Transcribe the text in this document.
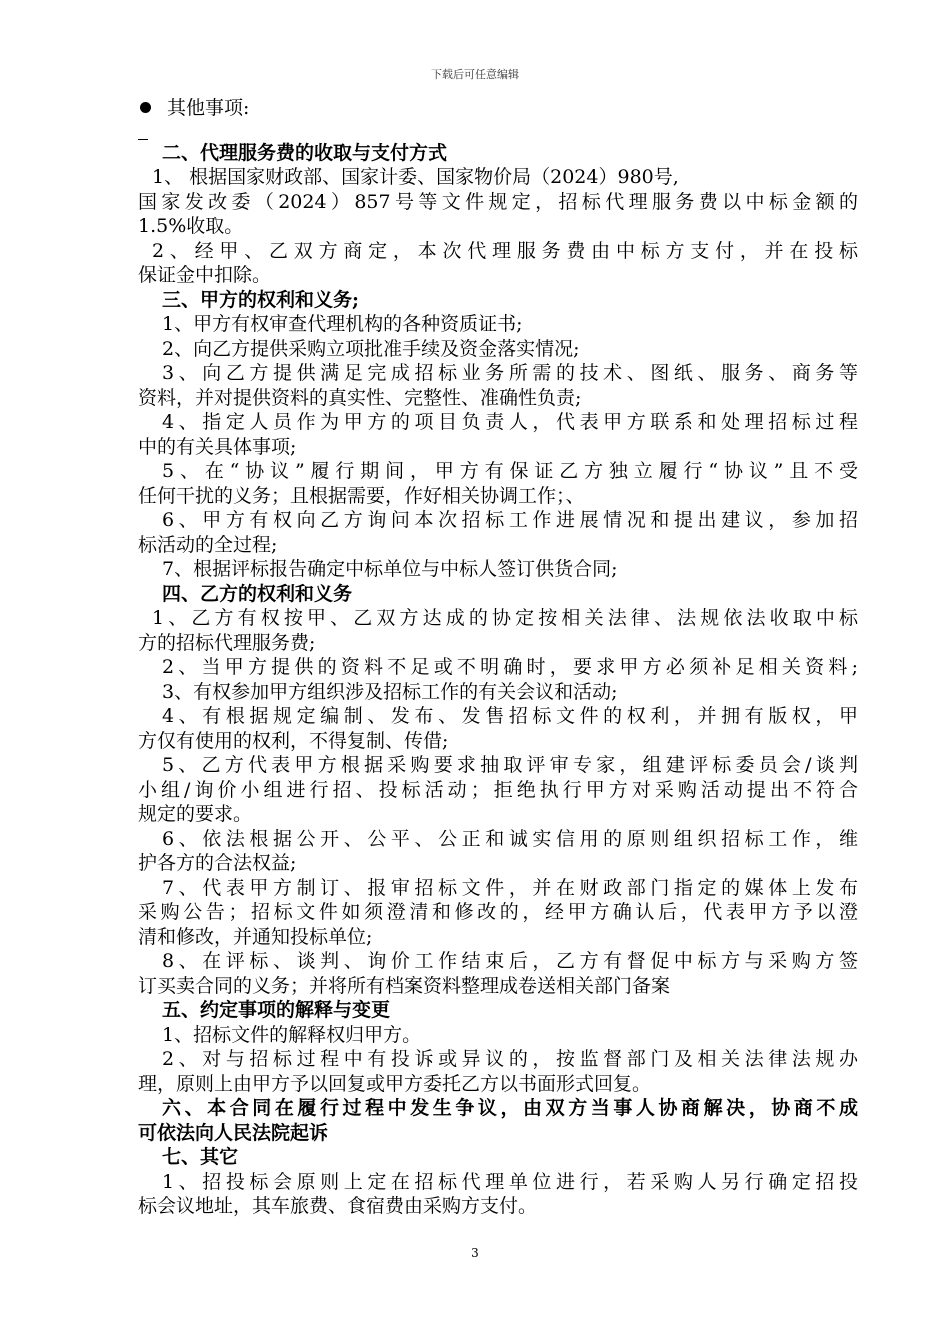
下载后可任意编辑
其他事项:
二、代理服务费的收取与支付方式
1、 根据国家财政部、国家计委、国家物价局（2024）980号,
国家发改委（2024）857号等文件规定，招标代理服务费以中标金额的
1.5%收取。
2、经甲、乙双方商定，本次代理服务费由中标方支付，并在投标
保证金中扣除。
三、甲方的权利和义务;
1、甲方有权审查代理机构的各种资质证书;
2、向乙方提供采购立项批准手续及资金落实情况;
3、向乙方提供满足完成招标业务所需的技术、图纸、服务、商务等
资料，并对提供资料的真实性、完整性、准确性负责;
4、指定人员作为甲方的项目负责人，代表甲方联系和处理招标过程
中的有关具体事项;
5、在“协议”履行期间，甲方有保证乙方独立履行“协议”且不受
任何干扰的义务；且根据需要，作好相关协调工作；、
6、甲方有权向乙方询问本次招标工作进展情况和提出建议，参加招
标活动的全过程;
7、根据评标报告确定中标单位与中标人签订供货合同;
四、乙方的权利和义务
1、乙方有权按甲、乙双方达成的协定按相关法律、法规依法收取中标
方的招标代理服务费;
2、当甲方提供的资料不足或不明确时，要求甲方必须补足相关资料;
3、有权参加甲方组织涉及招标工作的有关会议和活动;
4、有根据规定编制、发布、发售招标文件的权利，并拥有版权，甲
方仅有使用的权利，不得复制、传借;
5、乙方代表甲方根据采购要求抽取评审专家，组建评标委员会/谈判
小组/询价小组进行招、投标活动；拒绝执行甲方对采购活动提出不符合
规定的要求。
6、依法根据公开、公平、公正和诚实信用的原则组织招标工作，维
护各方的合法权益;
7、代表甲方制订、报审招标文件，并在财政部门指定的媒体上发布
采购公告；招标文件如须澄清和修改的，经甲方确认后，代表甲方予以澄
清和修改，并通知投标单位;
8、在评标、谈判、询价工作结束后，乙方有督促中标方与采购方签
订买卖合同的义务；并将所有档案资料整理成卷送相关部门备案
五、约定事项的解释与变更
1、招标文件的解释权归甲方。
2、对与招标过程中有投诉或异议的，按监督部门及相关法律法规办
理，原则上由甲方予以回复或甲方委托乙方以书面形式回复。
六、本合同在履行过程中发生争议，由双方当事人协商解决，协商不成
可依法向人民法院起诉
七、其它
1、招投标会原则上定在招标代理单位进行，若采购人另行确定招投
标会议地址，其车旅费、食宿费由采购方支付。
3
